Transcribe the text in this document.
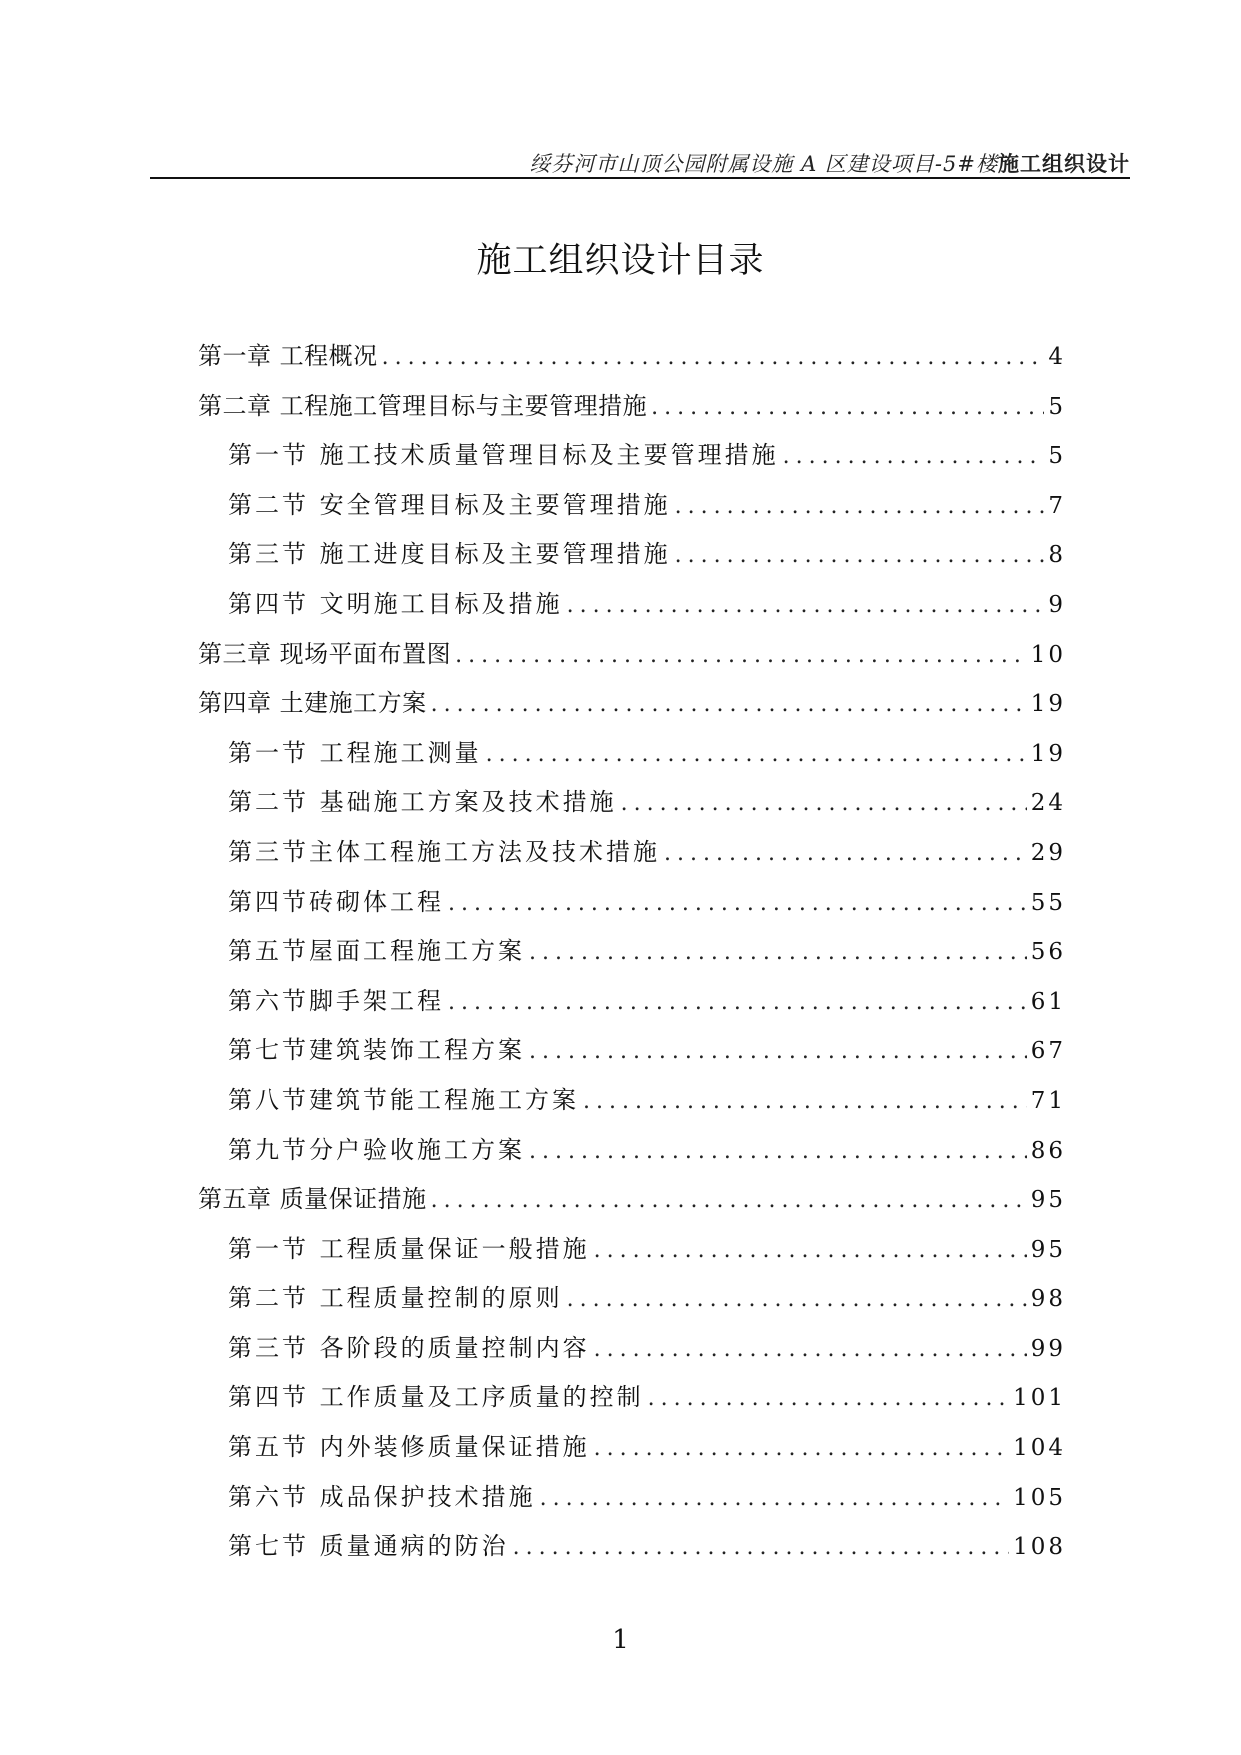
绥芬河市山顶公园附属设施 A 区建设项目-5#楼施工组织设计
施工组织设计目录
第一章 工程概况 .....	4
第二章 工程施工管理目标与主要管理措施 .....	5
第一节 施工技术质量管理目标及主要管理措施 .....	5
第二节 安全管理目标及主要管理措施 .....	7
第三节 施工进度目标及主要管理措施 .....	8
第四节 文明施工目标及措施 .....	9
第三章 现场平面布置图 .....	10
第四章 土建施工方案 .....	19
第一节 工程施工测量 .....	19
第二节 基础施工方案及技术措施 .....	24
第三节主体工程施工方法及技术措施 .....	29
第四节砖砌体工程 .....	55
第五节屋面工程施工方案 .....	56
第六节脚手架工程 .....	61
第七节建筑装饰工程方案 .....	67
第八节建筑节能工程施工方案 .....	71
第九节分户验收施工方案 .....	86
第五章 质量保证措施 .....	95
第一节 工程质量保证一般措施 .....	95
第二节 工程质量控制的原则 .....	98
第三节 各阶段的质量控制内容 .....	99
第四节 工作质量及工序质量的控制 .....	101
第五节 内外装修质量保证措施 .....	104
第六节 成品保护技术措施 .....	105
第七节 质量通病的防治 .....	108
1
